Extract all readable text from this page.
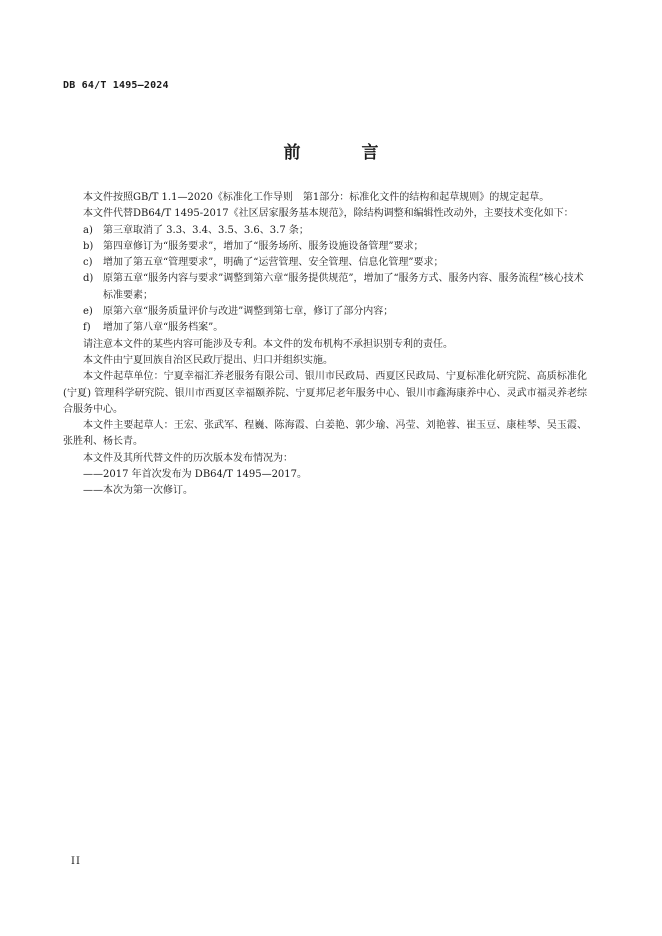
DB 64/T 1495—2024
前　言

本文件按照GB/T 1.1—2020《标准化工作导则　第1部分：标准化文件的结构和起草规则》的规定起草。

本文件代替DB64/T 1495-2017《社区居家服务基本规范》，除结构调整和编辑性改动外，主要技术变化如下：

a)	第三章取消了 3.3、3.4、3.5、3.6、3.7 条；
b) 第四章修订为“服务要求”，增加了“服务场所、服务设施设备管理”要求；
c)	增加了第五章“管理要求”，明确了“运营管理、安全管理、信息化管理”要求；
d) 原第五章“服务内容与要求”调整到第六章“服务提供规范”，增加了“服务方式、服务内容、服务流程”核心技术标准要素；
e)	原第六章“服务质量评价与改进”调整到第七章，修订了部分内容；
f)	增加了第八章“服务档案”。

请注意本文件的某些内容可能涉及专利。本文件的发布机构不承担识别专利的责任。

本文件由宁夏回族自治区民政厅提出、归口并组织实施。

本文件起草单位：宁夏幸福汇养老服务有限公司、银川市民政局、西夏区民政局、宁夏标准化研究院、高质标准化(宁夏) 管理科学研究院、银川市西夏区幸福颐养院、宁夏邦尼老年服务中心、银川市鑫海康养中心、灵武市福灵养老综合服务中心。

本文件主要起草人：王宏、张武军、程巍、陈海霞、白姜艳、郭少瑜、冯莹、刘艳蓉、崔玉豆、康桂琴、吴玉霞、张胜利、杨长青。

本文件及其所代替文件的历次版本发布情况为：

——2017 年首次发布为 DB64/T 1495—2017。

——本次为第一次修订。

II
